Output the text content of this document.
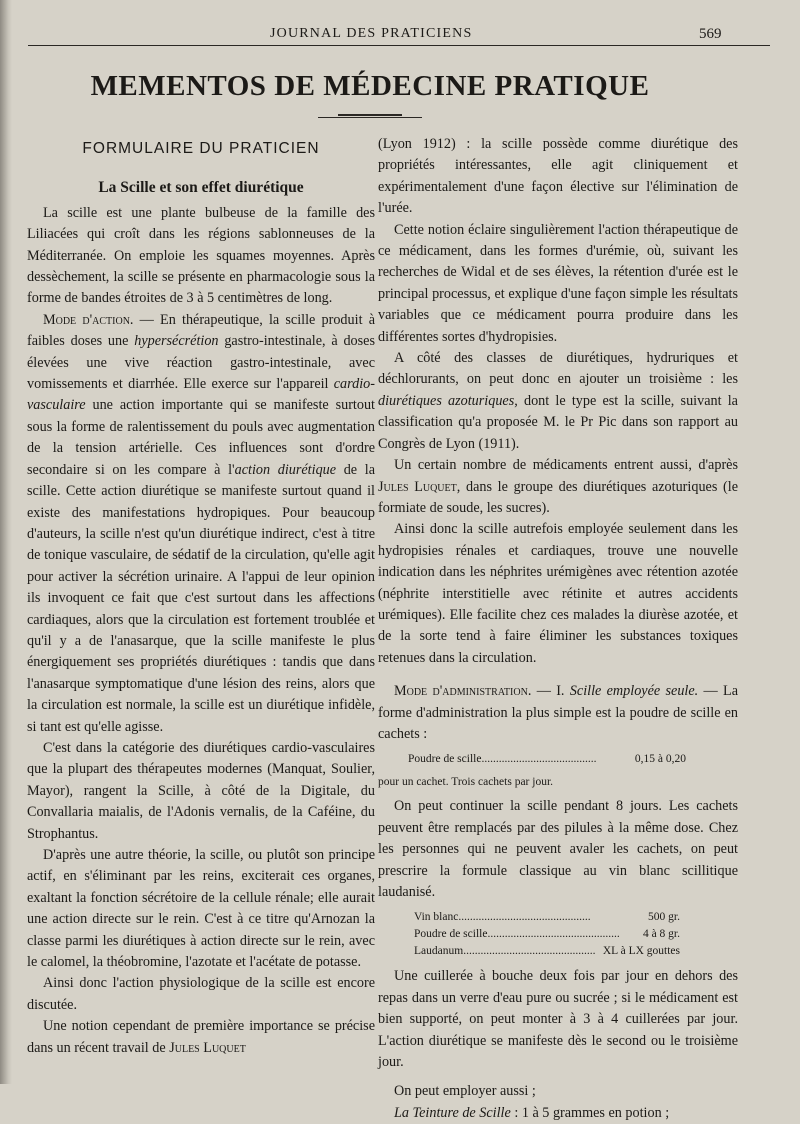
JOURNAL DES PRATICIENS	569
MEMENTOS DE MÉDECINE PRATIQUE
FORMULAIRE DU PRATICIEN
La Scille et son effet diurétique

La scille est une plante bulbeuse de la famille des Liliacées qui croît dans les régions sablonneuses de la Méditerranée. On emploie les squames moyennes. Après dessèchement, la scille se présente en pharmacologie sous la forme de bandes étroites de 3 à 5 centimètres de long.

Mode d'action. — En thérapeutique, la scille produit à faibles doses une hypersécrétion gastro-intestinale, à doses élevées une vive réaction gastro-intestinale, avec vomissements et diarrhée. Elle exerce sur l'appareil cardio-vasculaire une action importante qui se manifeste surtout sous la forme de ralentissement du pouls avec augmentation de la tension artérielle. Ces influences sont d'ordre secondaire si on les compare à l'action diurétique de la scille. Cette action diurétique se manifeste surtout quand il existe des manifestations hydropiques. Pour beaucoup d'auteurs, la scille n'est qu'un diurétique indirect, c'est à titre de tonique vasculaire, de sédatif de la circulation, qu'elle agit pour activer la sécrétion urinaire. A l'appui de leur opinion ils invoquent ce fait que c'est surtout dans les affections cardiaques, alors que la circulation est fortement troublée et qu'il y a de l'anasarque, que la scille manifeste le plus énergiquement ses propriétés diurétiques : tandis que dans l'anasarque symptomatique d'une lésion des reins, alors que la circulation est normale, la scille est un diurétique infidèle, si tant est qu'elle agisse.

C'est dans la catégorie des diurétiques cardio-vasculaires que la plupart des thérapeutes modernes (Manquat, Soulier, Mayor), rangent la Scille, à côté de la Digitale, du Convallaria maialis, de l'Adonis vernalis, de la Caféine, du Strophantus.

D'après une autre théorie, la scille, ou plutôt son principe actif, en s'éliminant par les reins, exciterait ces organes, exaltant la fonction sécrétoire de la cellule rénale; elle aurait une action directe sur le rein. C'est à ce titre qu'Arnozan la classe parmi les diurétiques à action directe sur le rein, avec le calomel, la théobromine, l'azotate et l'acétate de potasse.

Ainsi donc l'action physiologique de la scille est encore discutée.

Une notion cependant de première importance se précise dans un récent travail de Jules Luquet

(Lyon 1912) : la scille possède comme diurétique des propriétés intéressantes, elle agit cliniquement et expérimentalement d'une façon élective sur l'élimination de l'urée.

Cette notion éclaire singulièrement l'action thérapeutique de ce médicament, dans les formes d'urémie, où, suivant les recherches de Widal et de ses élèves, la rétention d'urée est le principal processus, et explique d'une façon simple les résultats variables que ce médicament pourra produire dans les différentes sortes d'hydropisies.

A côté des classes de diurétiques, hydruriques et déchlorurants, on peut donc en ajouter un troisième : les diurétiques azoturiques, dont le type est la scille, suivant la classification qu'a proposée M. le Pr Pic dans son rapport au Congrès de Lyon (1911).

Un certain nombre de médicaments entrent aussi, d'après Jules Luquet, dans le groupe des diurétiques azoturiques (le formiate de soude, les sucres).

Ainsi donc la scille autrefois employée seulement dans les hydropisies rénales et cardiaques, trouve une nouvelle indication dans les néphrites urémigènes avec rétention azotée (néphrite interstitielle avec rétinite et autres accidents urémiques). Elle facilite chez ces malades la diurèse azotée, et de la sorte tend à faire éliminer les substances toxiques retenues dans la circulation.

Mode d'administration. — I. Scille employée seule. — La forme d'administration la plus simple est la poudre de scille en cachets :

Poudre de scille ........................................	0,15 à 0,20
pour un cachet. Trois cachets par jour.

On peut continuer la scille pendant 8 jours. Les cachets peuvent être remplacés par des pilules à la même dose. Chez les personnes qui ne peuvent avaler les cachets, on peut prescrire la formule classique au vin blanc scillitique laudanisé.

Vin blanc ..............................................	500 gr.
Poudre de scille ..............................................	4 à 8 gr.
Laudanum .............................................. XL à LX gouttes

Une cuillerée à bouche deux fois par jour en dehors des repas dans un verre d'eau pure ou sucrée ; si le médicament est bien supporté, on peut monter à 3 à 4 cuillerées par jour. L'action diurétique se manifeste dès le second ou le troisième jour.

On peut employer aussi ;

La Teinture de Scille : 1 à 5 grammes en potion ;
